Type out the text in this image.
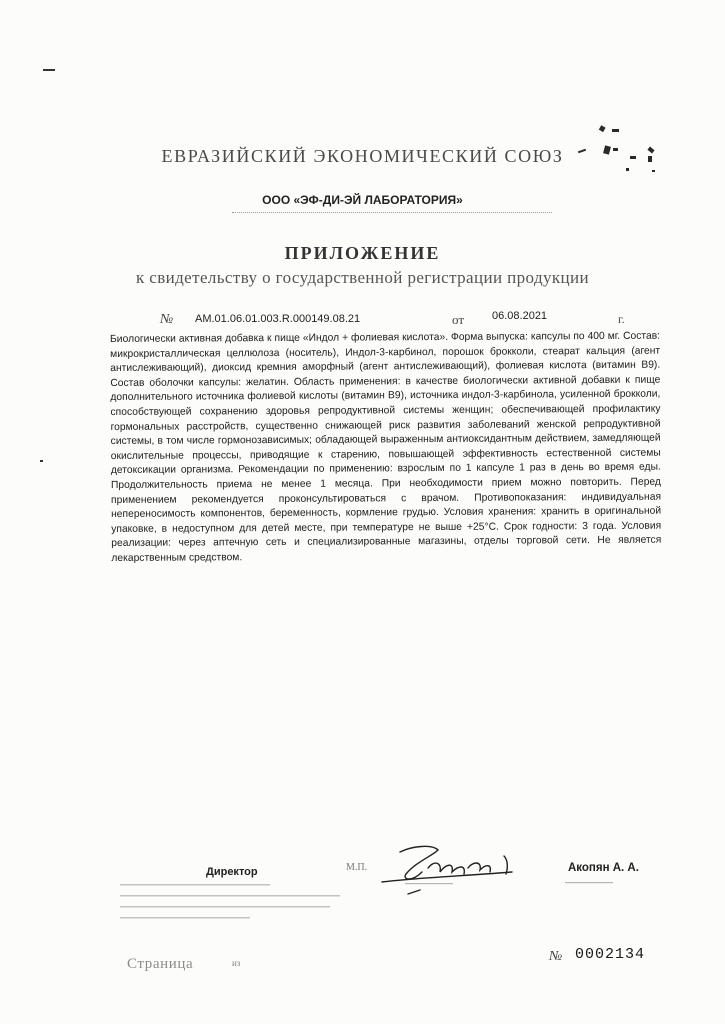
ЕВРАЗИЙСКИЙ ЭКОНОМИЧЕСКИЙ СОЮЗ
ООО «ЭФ-ДИ-ЭЙ ЛАБОРАТОРИЯ»
ПРИЛОЖЕНИЕ
к свидетельству о государственной регистрации продукции
№ AM.01.06.01.003.R.000149.08.21	от	06.08.2021	г.
Биологически активная добавка к пище «Индол + фолиевая кислота». Форма выпуска: капсулы по 400 мг. Состав: микрокристаллическая целлюлоза (носитель), Индол-3-карбинол, порошок брокколи, стеарат кальция (агент антислеживающий), диоксид кремния аморфный (агент антислеживающий), фолиевая кислота (витамин В9). Состав оболочки капсулы: желатин. Область применения: в качестве биологически активной добавки к пище дополнительного источника фолиевой кислоты (витамин В9), источника индол-3-карбинола, усиленной брокколи, способствующей сохранению здоровья репродуктивной системы женщин; обеспечивающей профилактику гормональных расстройств, существенно снижающей риск развития заболеваний женской репродуктивной системы, в том числе гормонозависимых; обладающей выраженным антиоксидантным действием, замедляющей окислительные процессы, приводящие к старению, повышающей эффективность естественной системы детоксикации организма. Рекомендации по применению: взрослым по 1 капсуле 1 раз в день во время еды. Продолжительность приема не менее 1 месяца. При необходимости прием можно повторить. Перед применением рекомендуется проконсультироваться с врачом. Противопоказания: индивидуальная непереносимость компонентов, беременность, кормление грудью. Условия хранения: хранить в оригинальной упаковке, в недоступном для детей месте, при температуре не выше +25°С. Срок годности: 3 года. Условия реализации: через аптечную сеть и специализированные магазины, отделы торговой сети. Не является лекарственным средством.
Директор	М.П.	Акопян А. А.
Страница	из	№ 0002134
